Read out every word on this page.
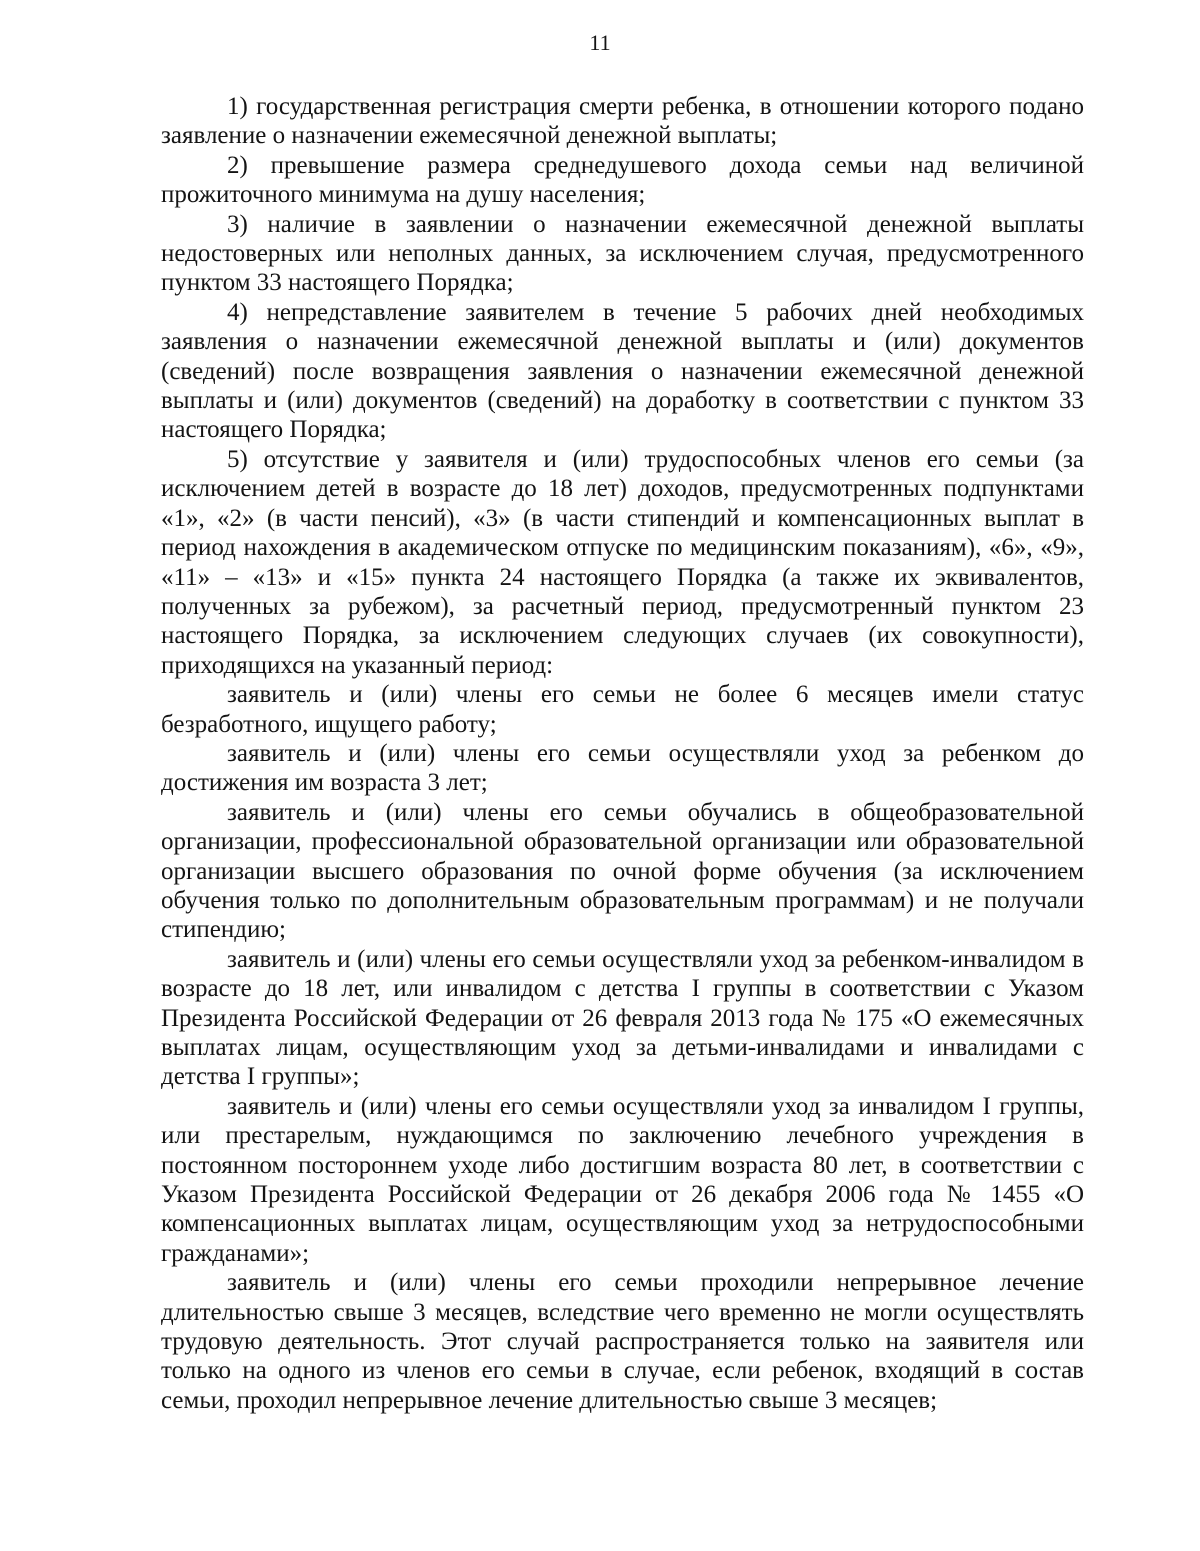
11

1) государственная регистрация смерти ребенка, в отношении которого подано заявление о назначении ежемесячной денежной выплаты;

2) превышение размера среднедушевого дохода семьи над величиной прожиточного минимума на душу населения;

3) наличие в заявлении о назначении ежемесячной денежной выплаты недостоверных или неполных данных, за исключением случая, предусмотренного пунктом 33 настоящего Порядка;

4) непредставление заявителем в течение 5 рабочих дней необходимых заявления о назначении ежемесячной денежной выплаты и (или) документов (сведений) после возвращения заявления о назначении ежемесячной денежной выплаты и (или) документов (сведений) на доработку в соответствии с пунктом 33 настоящего Порядка;

5) отсутствие у заявителя и (или) трудоспособных членов его семьи (за исключением детей в возрасте до 18 лет) доходов, предусмотренных подпунктами «1», «2» (в части пенсий), «3» (в части стипендий и компенсационных выплат в период нахождения в академическом отпуске по медицинским показаниям), «6», «9», «11» – «13» и «15» пункта 24 настоящего Порядка (а также их эквивалентов, полученных за рубежом), за расчетный период, предусмотренный пунктом 23 настоящего Порядка, за исключением следующих случаев (их совокупности), приходящихся на указанный период:

заявитель и (или) члены его семьи не более 6 месяцев имели статус безработного, ищущего работу;

заявитель и (или) члены его семьи осуществляли уход за ребенком до достижения им возраста 3 лет;

заявитель и (или) члены его семьи обучались в общеобразовательной организации, профессиональной образовательной организации или образовательной организации высшего образования по очной форме обучения (за исключением обучения только по дополнительным образовательным программам) и не получали стипендию;

заявитель и (или) члены его семьи осуществляли уход за ребенком-инвалидом в возрасте до 18 лет, или инвалидом с детства I группы в соответствии с Указом Президента Российской Федерации от 26 февраля 2013 года № 175 «О ежемесячных выплатах лицам, осуществляющим уход за детьми-инвалидами и инвалидами с детства I группы»;

заявитель и (или) члены его семьи осуществляли уход за инвалидом I группы, или престарелым, нуждающимся по заключению лечебного учреждения в постоянном постороннем уходе либо достигшим возраста 80 лет, в соответствии с Указом Президента Российской Федерации от 26 декабря 2006 года № 1455 «О компенсационных выплатах лицам, осуществляющим уход за нетрудоспособными гражданами»;

заявитель и (или) члены его семьи проходили непрерывное лечение длительностью свыше 3 месяцев, вследствие чего временно не могли осуществлять трудовую деятельность. Этот случай распространяется только на заявителя или только на одного из членов его семьи в случае, если ребенок, входящий в состав семьи, проходил непрерывное лечение длительностью свыше 3 месяцев;
